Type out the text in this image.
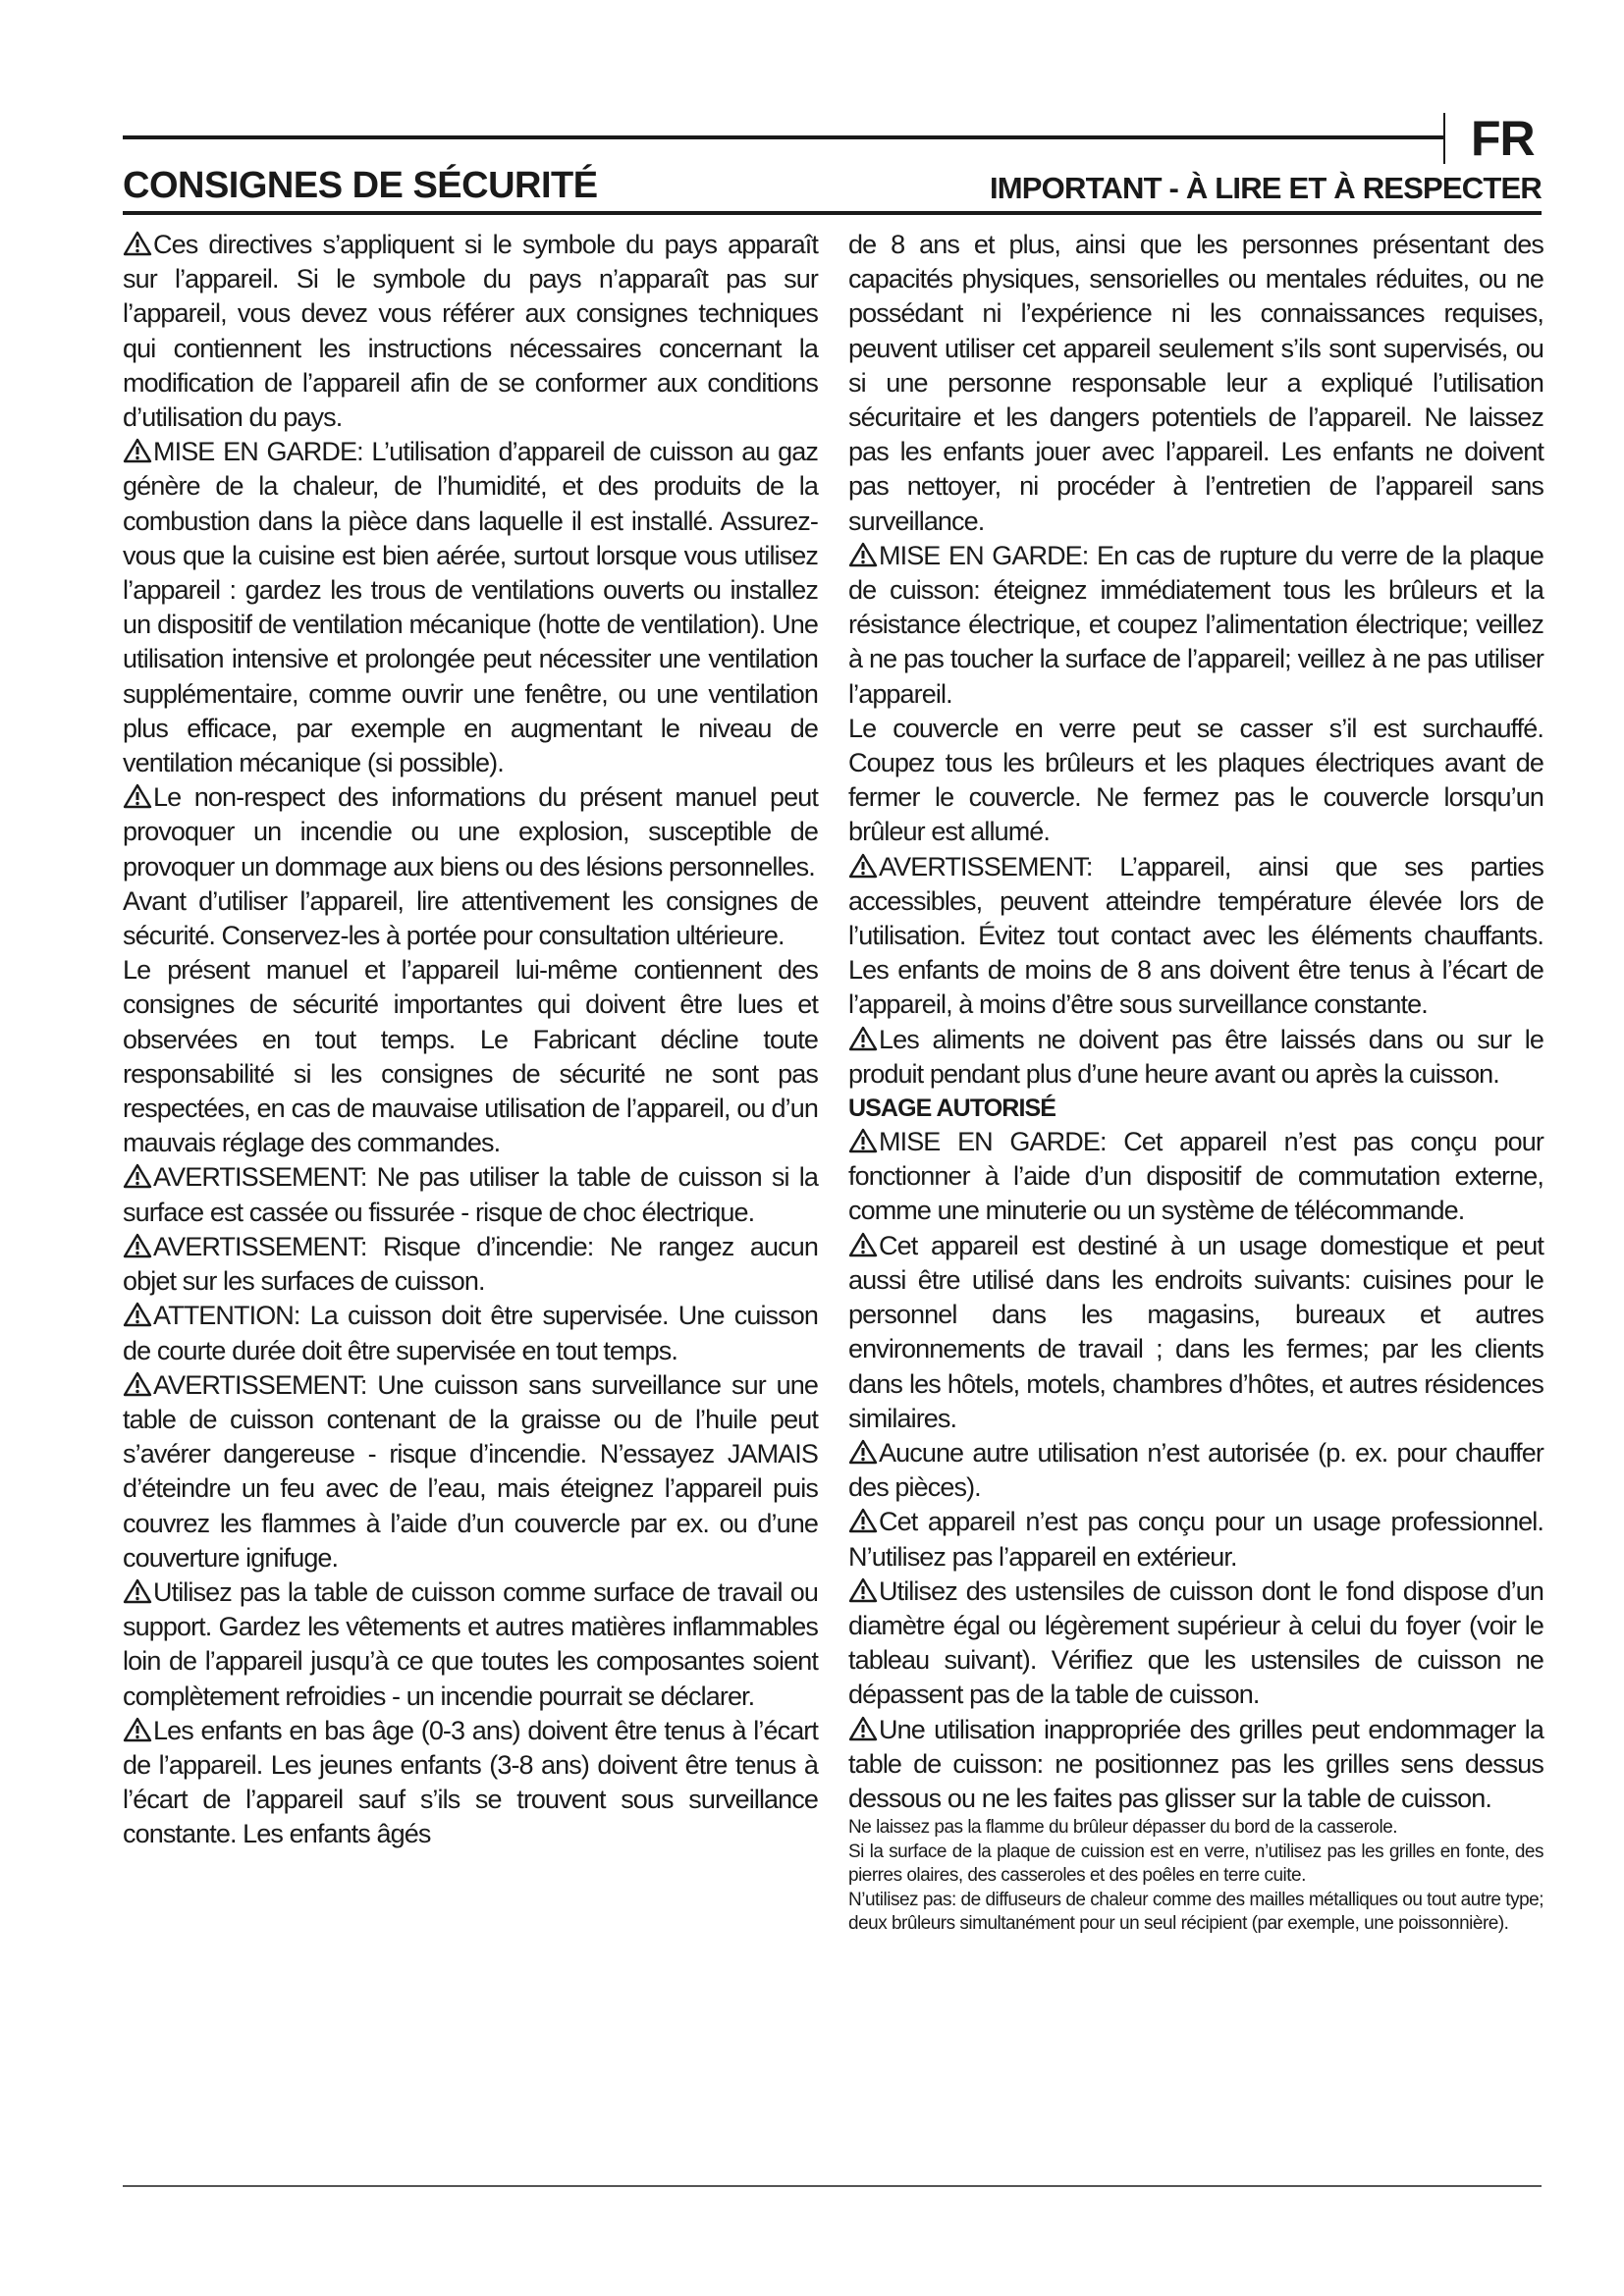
FR
CONSIGNES DE SÉCURITÉ	IMPORTANT - À LIRE ET À RESPECTER

Ces directives s’appliquent si le symbole du pays apparaît sur l’appareil. Si le symbole du pays n’apparaît pas sur l’appareil, vous devez vous référer aux consignes techniques qui contiennent les instructions nécessaires concernant la modification de l’appareil afin de se conformer aux conditions d’utilisation du pays.

MISE EN GARDE: L’utilisation d’appareil de cuisson au gaz génère de la chaleur, de l’humidité, et des produits de la combustion dans la pièce dans laquelle il est installé. Assurez-vous que la cuisine est bien aérée, surtout lorsque vous utilisez l’appareil : gardez les trous de ventilations ouverts ou installez un dispositif de ventilation mécanique (hotte de ventilation). Une utilisation intensive et prolongée peut nécessiter une ventilation supplémentaire, comme ouvrir une fenêtre, ou une ventilation plus efficace, par exemple en augmentant le niveau de ventilation mécanique (si possible).

Le non-respect des informations du présent manuel peut provoquer un incendie ou une explosion, susceptible de provoquer un dommage aux biens ou des lésions personnelles.

Avant d’utiliser l’appareil, lire attentivement les consignes de sécurité. Conservez-les à portée pour consultation ultérieure.

Le présent manuel et l’appareil lui-même contiennent des consignes de sécurité importantes qui doivent être lues et observées en tout temps. Le Fabricant décline toute responsabilité si les consignes de sécurité ne sont pas respectées, en cas de mauvaise utilisation de l’appareil, ou d’un mauvais réglage des commandes.

AVERTISSEMENT: Ne pas utiliser la table de cuisson si la surface est cassée ou fissurée - risque de choc électrique.

AVERTISSEMENT: Risque d’incendie: Ne rangez aucun objet sur les surfaces de cuisson.

ATTENTION: La cuisson doit être supervisée. Une cuisson de courte durée doit être supervisée en tout temps.

AVERTISSEMENT: Une cuisson sans surveillance sur une table de cuisson contenant de la graisse ou de l’huile peut s’avérer dangereuse - risque d’incendie. N’essayez JAMAIS d’éteindre un feu avec de l’eau, mais éteignez l’appareil puis couvrez les flammes à l’aide d’un couvercle par ex. ou d’une couverture ignifuge.

Utilisez pas la table de cuisson comme surface de travail ou support. Gardez les vêtements et autres matières inflammables loin de l’appareil jusqu’à ce que toutes les composantes soient complètement refroidies - un incendie pourrait se déclarer.

Les enfants en bas âge (0-3 ans) doivent être tenus à l’écart de l’appareil. Les jeunes enfants (3-8 ans) doivent être tenus à l’écart de l’appareil sauf s’ils se trouvent sous surveillance constante. Les enfants âgés

de 8 ans et plus, ainsi que les personnes présentant des capacités physiques, sensorielles ou mentales réduites, ou ne possédant ni l’expérience ni les connaissances requises, peuvent utiliser cet appareil seulement s’ils sont supervisés, ou si une personne responsable leur a expliqué l’utilisation sécuritaire et les dangers potentiels de l’appareil. Ne laissez pas les enfants jouer avec l’appareil. Les enfants ne doivent pas nettoyer, ni procéder à l’entretien de l’appareil sans surveillance.

MISE EN GARDE: En cas de rupture du verre de la plaque de cuisson: éteignez immédiatement tous les brûleurs et la résistance électrique, et coupez l’alimentation électrique; veillez à ne pas toucher la surface de l’appareil; veillez à ne pas utiliser l’appareil.

Le couvercle en verre peut se casser s’il est surchauffé. Coupez tous les brûleurs et les plaques électriques avant de fermer le couvercle. Ne fermez pas le couvercle lorsqu’un brûleur est allumé.

AVERTISSEMENT: L’appareil, ainsi que ses parties accessibles, peuvent atteindre température élevée lors de l’utilisation. Évitez tout contact avec les éléments chauffants. Les enfants de moins de 8 ans doivent être tenus à l’écart de l’appareil, à moins d’être sous surveillance constante.

Les aliments ne doivent pas être laissés dans ou sur le produit pendant plus d’une heure avant ou après la cuisson.

USAGE AUTORISÉ

MISE EN GARDE: Cet appareil n’est pas conçu pour fonctionner à l’aide d’un dispositif de commutation externe, comme une minuterie ou un système de télécommande.

Cet appareil est destiné à un usage domestique et peut aussi être utilisé dans les endroits suivants: cuisines pour le personnel dans les magasins, bureaux et autres environnements de travail ; dans les fermes; par les clients dans les hôtels, motels, chambres d’hôtes, et autres résidences similaires.

Aucune autre utilisation n’est autorisée (p. ex. pour chauffer des pièces).

Cet appareil n’est pas conçu pour un usage professionnel. N’utilisez pas l’appareil en extérieur.

Utilisez des ustensiles de cuisson dont le fond dispose d’un diamètre égal ou légèrement supérieur à celui du foyer (voir le tableau suivant). Vérifiez que les ustensiles de cuisson ne dépassent pas de la table de cuisson.

Une utilisation inappropriée des grilles peut endommager la table de cuisson: ne positionnez pas les grilles sens dessus dessous ou ne les faites pas glisser sur la table de cuisson.

Ne laissez pas la flamme du brûleur dépasser du bord de la casserole.

Si la surface de la plaque de cuission est en verre, n’utilisez pas les grilles en fonte, des pierres olaires, des casseroles et des poêles en terre cuite.

N’utilisez pas: de diffuseurs de chaleur comme des mailles métalliques ou tout autre type; deux brûleurs simultanément pour un seul récipient (par exemple, une poissonnière).
